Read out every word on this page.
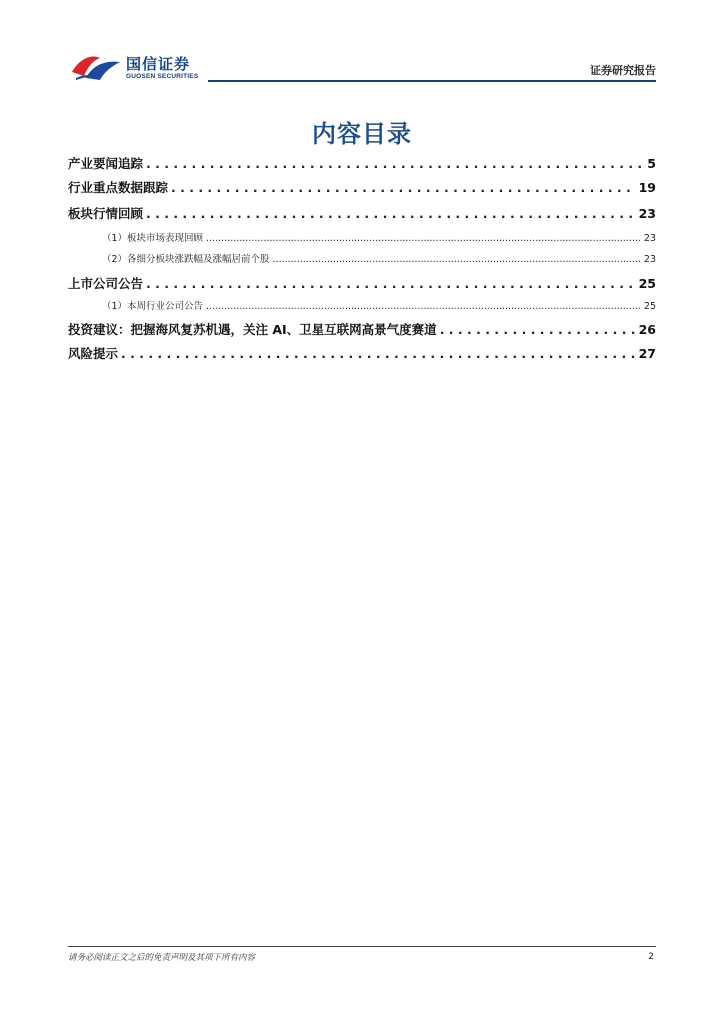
国信证券
GUOSEN SECURITIES	证券研究报告
内容目录
产业要闻追踪 . . .	5
行业重点数据跟踪 . . .	19
板块行情回顾 . . .	23
（1）板块市场表现回顾 .....	23
（2）各细分板块涨跌幅及涨幅居前个股 .....	23
上市公司公告 . . .	25
（1）本周行业公司公告 .....	25
投资建议：把握海风复苏机遇，关注 AI、卫星互联网高景气度赛道 . . .	26
风险提示 . . .	27
请务必阅读正文之后的免责声明及其项下所有内容	2
